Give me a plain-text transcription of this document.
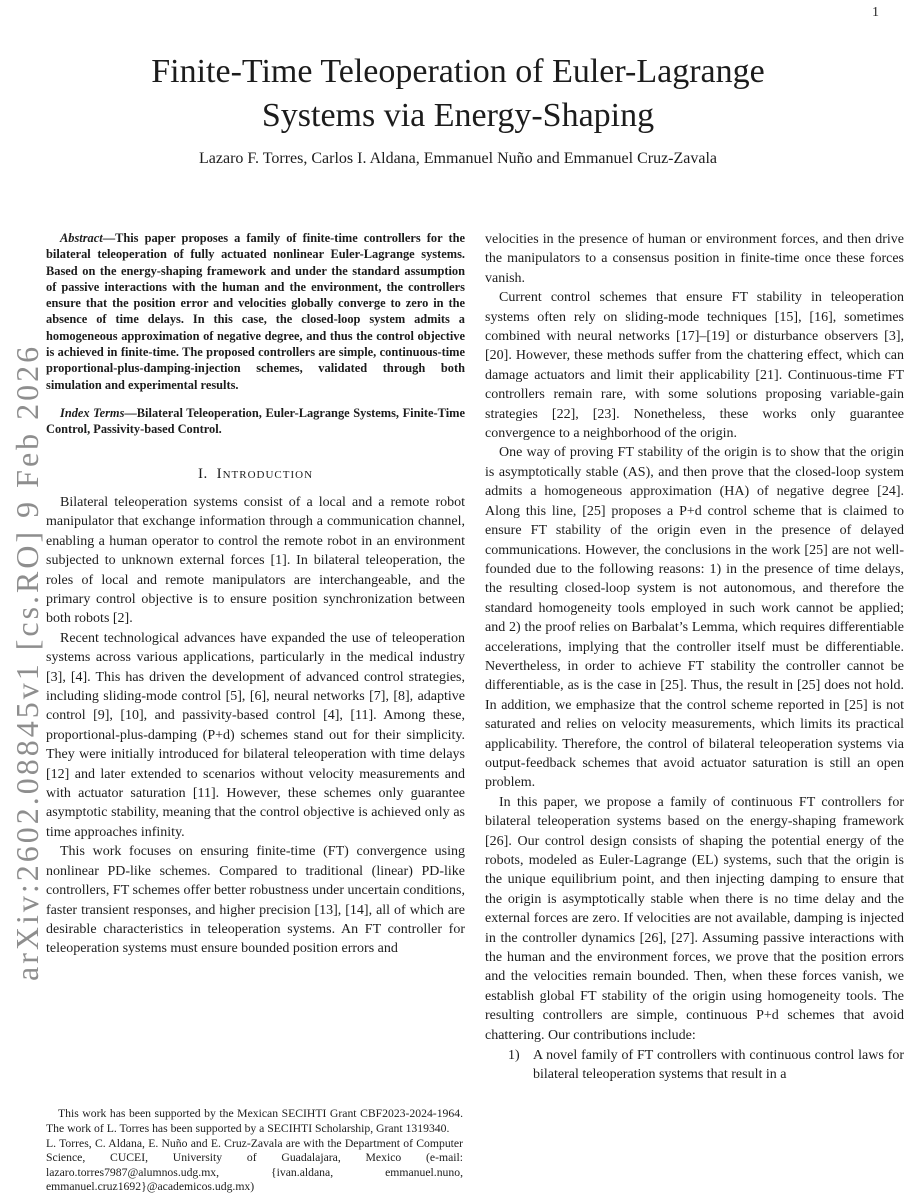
1
arXiv:2602.08845v1 [cs.RO] 9 Feb 2026
Finite-Time Teleoperation of Euler-Lagrange
Systems via Energy-Shaping
Lazaro F. Torres, Carlos I. Aldana, Emmanuel Nuño and Emmanuel Cruz-Zavala

Abstract—This paper proposes a family of finite-time controllers for the bilateral teleoperation of fully actuated nonlinear Euler-Lagrange systems. Based on the energy-shaping framework and under the standard assumption of passive interactions with the human and the environment, the controllers ensure that the position error and velocities globally converge to zero in the absence of time delays. In this case, the closed-loop system admits a homogeneous approximation of negative degree, and thus the control objective is achieved in finite-time. The proposed controllers are simple, continuous-time proportional-plus-damping-injection schemes, validated through both simulation and experimental results.

Index Terms—Bilateral Teleoperation, Euler-Lagrange Systems, Finite-Time Control, Passivity-based Control.

I. Introduction

Bilateral teleoperation systems consist of a local and a remote robot manipulator that exchange information through a communication channel, enabling a human operator to control the remote robot in an environment subjected to unknown external forces [1]. In bilateral teleoperation, the roles of local and remote manipulators are interchangeable, and the primary control objective is to ensure position synchronization between both robots [2].

Recent technological advances have expanded the use of teleoperation systems across various applications, particularly in the medical industry [3], [4]. This has driven the development of advanced control strategies, including sliding-mode control [5], [6], neural networks [7], [8], adaptive control [9], [10], and passivity-based control [4], [11]. Among these, proportional-plus-damping (P+d) schemes stand out for their simplicity. They were initially introduced for bilateral teleoperation with time delays [12] and later extended to scenarios without velocity measurements and with actuator saturation [11]. However, these schemes only guarantee asymptotic stability, meaning that the control objective is achieved only as time approaches infinity.

This work focuses on ensuring finite-time (FT) convergence using nonlinear PD-like schemes. Compared to traditional (linear) PD-like controllers, FT schemes offer better robustness under uncertain conditions, faster transient responses, and higher precision [13], [14], all of which are desirable characteristics in teleoperation systems. An FT controller for teleoperation systems must ensure bounded position errors and

This work has been supported by the Mexican SECIHTI Grant CBF2023-2024-1964. The work of L. Torres has been supported by a SECIHTI Scholarship, Grant 1319340.

L. Torres, C. Aldana, E. Nuño and E. Cruz-Zavala are with the Department of Computer Science, CUCEI, University of Guadalajara, Mexico (e-mail: lazaro.torres7987@alumnos.udg.mx, {ivan.aldana, emmanuel.nuno, emmanuel.cruz1692}@academicos.udg.mx)

velocities in the presence of human or environment forces, and then drive the manipulators to a consensus position in finite-time once these forces vanish.

Current control schemes that ensure FT stability in teleoperation systems often rely on sliding-mode techniques [15], [16], sometimes combined with neural networks [17]–[19] or disturbance observers [3], [20]. However, these methods suffer from the chattering effect, which can damage actuators and limit their applicability [21]. Continuous-time FT controllers remain rare, with some solutions proposing variable-gain strategies [22], [23]. Nonetheless, these works only guarantee convergence to a neighborhood of the origin.

One way of proving FT stability of the origin is to show that the origin is asymptotically stable (AS), and then prove that the closed-loop system admits a homogeneous approximation (HA) of negative degree [24]. Along this line, [25] proposes a P+d control scheme that is claimed to ensure FT stability of the origin even in the presence of delayed communications. However, the conclusions in the work [25] are not well-founded due to the following reasons: 1) in the presence of time delays, the resulting closed-loop system is not autonomous, and therefore the standard homogeneity tools employed in such work cannot be applied; and 2) the proof relies on Barbalat’s Lemma, which requires differentiable accelerations, implying that the controller itself must be differentiable. Nevertheless, in order to achieve FT stability the controller cannot be differentiable, as is the case in [25]. Thus, the result in [25] does not hold. In addition, we emphasize that the control scheme reported in [25] is not saturated and relies on velocity measurements, which limits its practical applicability. Therefore, the control of bilateral teleoperation systems via output-feedback schemes that avoid actuator saturation is still an open problem.

In this paper, we propose a family of continuous FT controllers for bilateral teleoperation systems based on the energy-shaping framework [26]. Our control design consists of shaping the potential energy of the robots, modeled as Euler-Lagrange (EL) systems, such that the origin is the unique equilibrium point, and then injecting damping to ensure that the origin is asymptotically stable when there is no time delay and the external forces are zero. If velocities are not available, damping is injected in the controller dynamics [26], [27]. Assuming passive interactions with the human and the environment forces, we prove that the position errors and the velocities remain bounded. Then, when these forces vanish, we establish global FT stability of the origin using homogeneity tools. The resulting controllers are simple, continuous P+d schemes that avoid chattering. Our contributions include:

1) A novel family of FT controllers with continuous control laws for bilateral teleoperation systems that result in a
